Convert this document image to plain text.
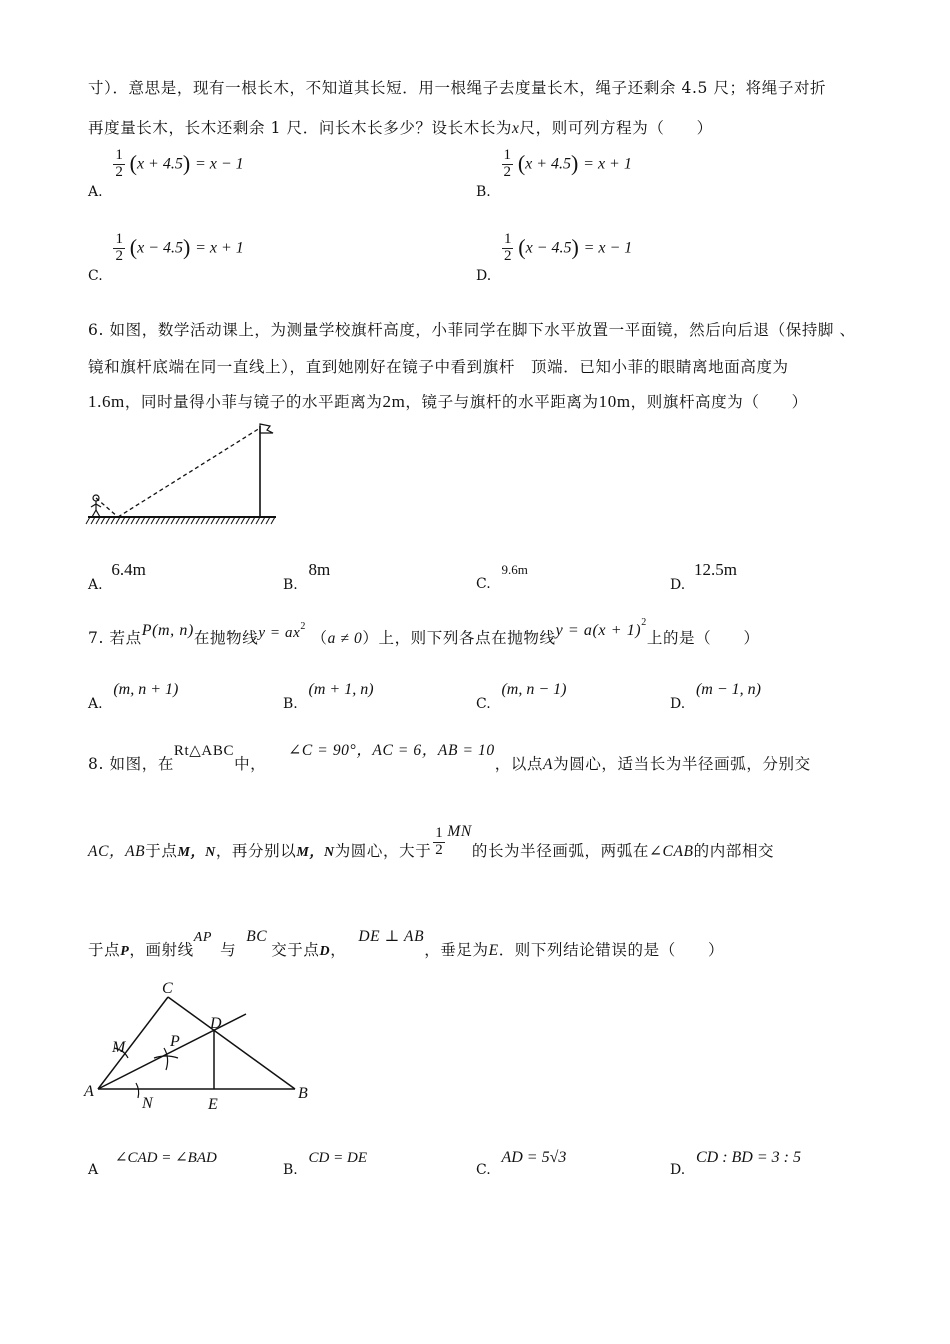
寸）．意思是，现有一根长木，不知道其长短．用一根绳子去度量长木，绳子还剩余 4.5 尺；将绳子对折
再度量长木，长木还剩余 1 尺．问长木长多少？设长木长为x尺，则可列方程为（　　）
A.
$\frac{1}{2} (x + 4.5) = x - 1$
B.
$\frac{1}{2} (x + 4.5) = x + 1$
C.
$\frac{1}{2} (x - 4.5) = x + 1$
D.
$\frac{1}{2} (x - 4.5) = x - 1$
6. 如图，数学活动课上，为测量学校旗杆高度，小菲同学在脚下水平放置一平面镜，然后向后退（保持脚 、
镜和旗杆底端在同一直线上），直到她刚好在镜子中看到旗杆　顶端．已知小菲的眼睛离地面高度为
1.6m，同时量得小菲与镜子的水平距离为2m，镜子与旗杆的水平距离为10m，则旗杆高度为（　　）
A. 6.4m
B. 8m
C. 9.6m
D. 12.5m
7. 若点P(m, n)在抛物线$y = ax^2$ （a ≠ 0）上，则下列各点在抛物线$y = a(x + 1)^2$上的是（　　）
A. (m, n + 1)
B. (m + 1, n)
C. (m, n − 1)
D. (m − 1, n)
8. 如图，在Rt△ABC中，∠C = 90°，AC = 6，AB = 10，以点A为圆心，适当长为半径画弧，分别交
AC，AB于点M，N，再分别以M，N为圆心，大于 $\frac{1}{2}$ MN的长为半径画弧，两弧在∠CAB的内部相交
于点P，画射线AP与BC交于点D，DE ⊥ AB，垂足为E．则下列结论错误的是（　　）
C
D
M	P
A
N	E
B
A ∠CAD = ∠BAD
B. CD = DE
C. AD = 5√3
D. CD : BD = 3 : 5
